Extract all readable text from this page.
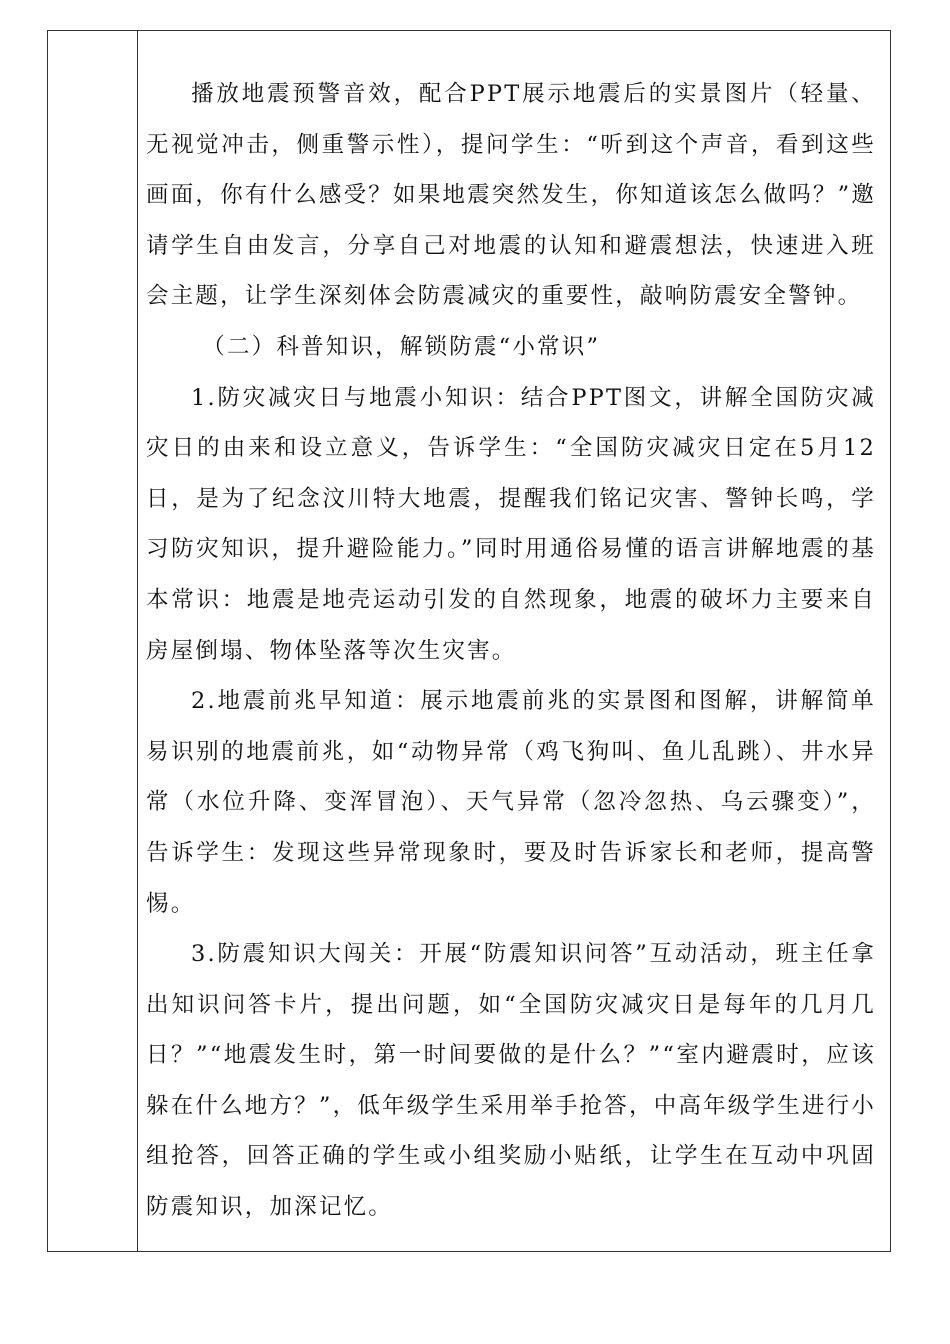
播放地震预警音效，配合PPT展示地震后的实景图片（轻量、无视觉冲击，侧重警示性），提问学生：“听到这个声音，看到这些画面，你有什么感受？如果地震突然发生，你知道该怎么做吗？”邀请学生自由发言，分享自己对地震的认知和避震想法，快速进入班会主题，让学生深刻体会防震减灾的重要性，敲响防震安全警钟。

（二）科普知识，解锁防震“小常识”

1.防灾减灾日与地震小知识：结合PPT图文，讲解全国防灾减灾日的由来和设立意义，告诉学生：“全国防灾减灾日定在5月12日，是为了纪念汶川特大地震，提醒我们铭记灾害、警钟长鸣，学习防灾知识，提升避险能力。”同时用通俗易懂的语言讲解地震的基本常识：地震是地壳运动引发的自然现象，地震的破坏力主要来自房屋倒塌、物体坠落等次生灾害。

2.地震前兆早知道：展示地震前兆的实景图和图解，讲解简单易识别的地震前兆，如“动物异常（鸡飞狗叫、鱼儿乱跳）、井水异常（水位升降、变浑冒泡）、天气异常（忽冷忽热、乌云骤变）”，告诉学生：发现这些异常现象时，要及时告诉家长和老师，提高警惕。

3.防震知识大闯关：开展“防震知识问答”互动活动，班主任拿出知识问答卡片，提出问题，如“全国防灾减灾日是每年的几月几日？”“地震发生时，第一时间要做的是什么？”“室内避震时，应该躲在什么地方？”，低年级学生采用举手抢答，中高年级学生进行小组抢答，回答正确的学生或小组奖励小贴纸，让学生在互动中巩固防震知识，加深记忆。
